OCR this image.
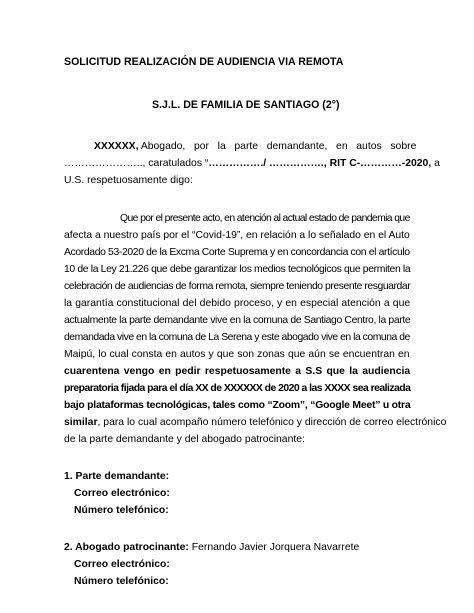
SOLICITUD REALIZACIÓN DE AUDIENCIA VIA REMOTA
S.J.L. DE FAMILIA DE SANTIAGO (2°)
XXXXXX, Abogado,   por   la   parte   demandante,   en   autos   sobre
………………….., caratulados “……………./ ……………., RIT C-…………-2020, a
U.S. respetuosamente digo:
Que por el presente acto, en atención al actual estado de pandemia que
afecta a nuestro país por el “Covid-19”, en relación a lo señalado en el Auto
Acordado 53-2020 de la Excma Corte Suprema y en concordancia con el artículo
10 de la Ley 21.226 que debe garantizar los medios tecnológicos que permiten la
celebración de audiencias de forma remota, siempre teniendo presente resguardar
la garantía constitucional del debido proceso, y en especial atención a que
actualmente la parte demandante vive en la comuna de Santiago Centro, la parte
demandada vive en la comuna de La Serena y este abogado vive en la comuna de
Maipú, lo cual consta en autos y que son zonas que aún se encuentran en
cuarentena vengo en pedir respetuosamente a S.S que la audiencia
preparatoria fijada para el día XX de XXXXXX de 2020 a las XXXX sea realizada
bajo plataformas tecnológicas, tales como “Zoom”, “Google Meet” u otra
similar, para lo cual acompaño número telefónico y dirección de correo electrónico
de la parte demandante y del abogado patrocinante:
1. Parte demandante:
Correo electrónico:
Número telefónico:
2. Abogado patrocinante: Fernando Javier Jorquera Navarrete
Correo electrónico:
Número telefónico:
